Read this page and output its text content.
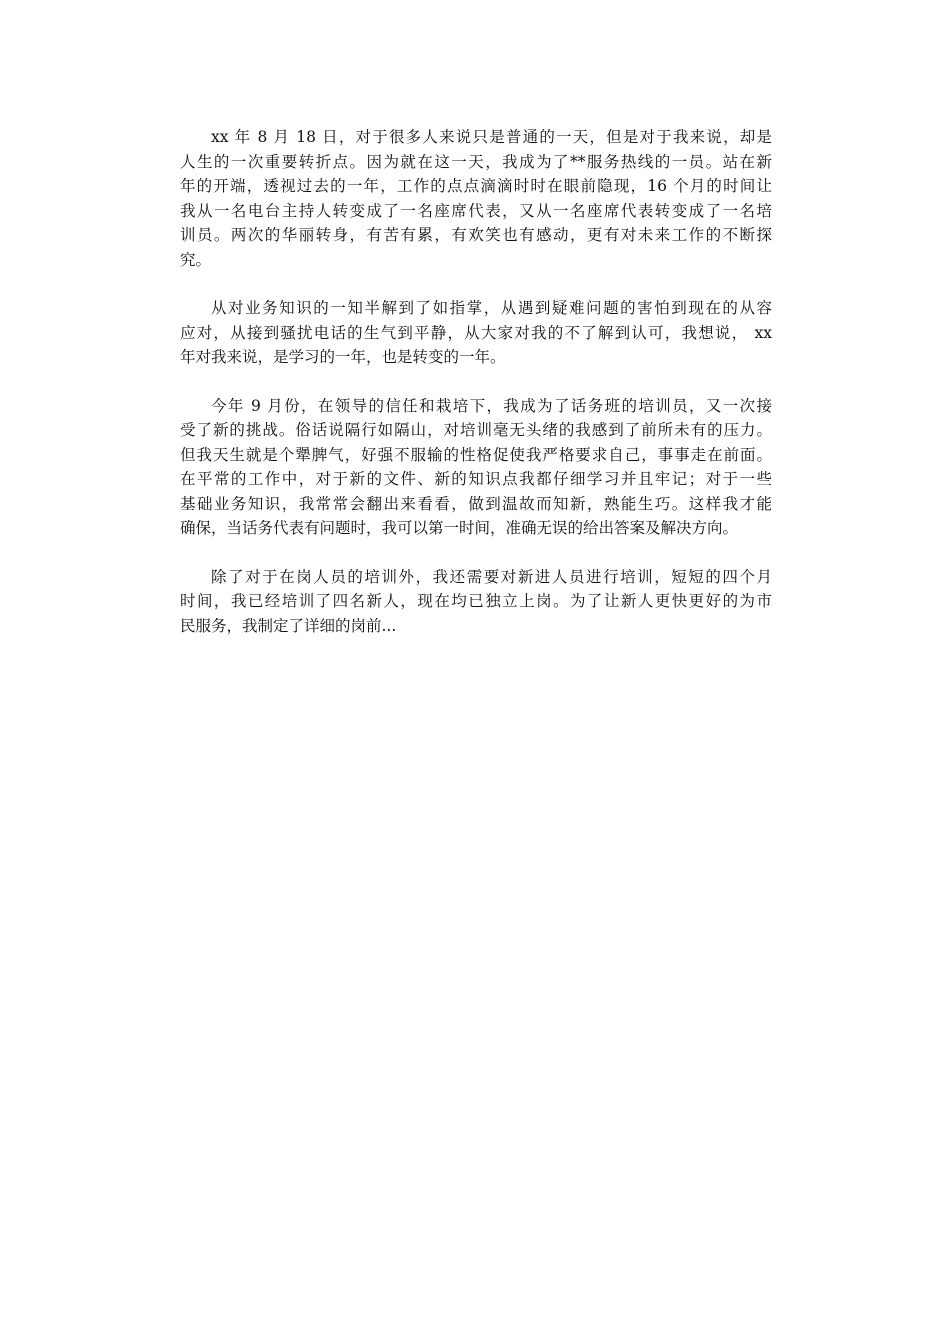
xx 年 8 月 18 日，对于很多人来说只是普通的一天，但是对于我来说，却是
人生的一次重要转折点。因为就在这一天，我成为了**服务热线的一员。站在新
年的开端，透视过去的一年，工作的点点滴滴时时在眼前隐现，16 个月的时间让
我从一名电台主持人转变成了一名座席代表，又从一名座席代表转变成了一名培
训员。两次的华丽转身，有苦有累，有欢笑也有感动，更有对未来工作的不断探
究。

从对业务知识的一知半解到了如指掌，从遇到疑难问题的害怕到现在的从容
应对，从接到骚扰电话的生气到平静，从大家对我的不了解到认可，我想说， xx
年对我来说，是学习的一年，也是转变的一年。

今年 9 月份，在领导的信任和栽培下，我成为了话务班的培训员，又一次接
受了新的挑战。俗话说隔行如隔山，对培训毫无头绪的我感到了前所未有的压力。
但我天生就是个犟脾气，好强不服输的性格促使我严格要求自己，事事走在前面。
在平常的工作中，对于新的文件、新的知识点我都仔细学习并且牢记；对于一些
基础业务知识，我常常会翻出来看看，做到温故而知新，熟能生巧。这样我才能
确保，当话务代表有问题时，我可以第一时间，准确无误的给出答案及解决方向。

除了对于在岗人员的培训外，我还需要对新进人员进行培训，短短的四个月
时间，我已经培训了四名新人，现在均已独立上岗。为了让新人更快更好的为市
民服务，我制定了详细的岗前...
